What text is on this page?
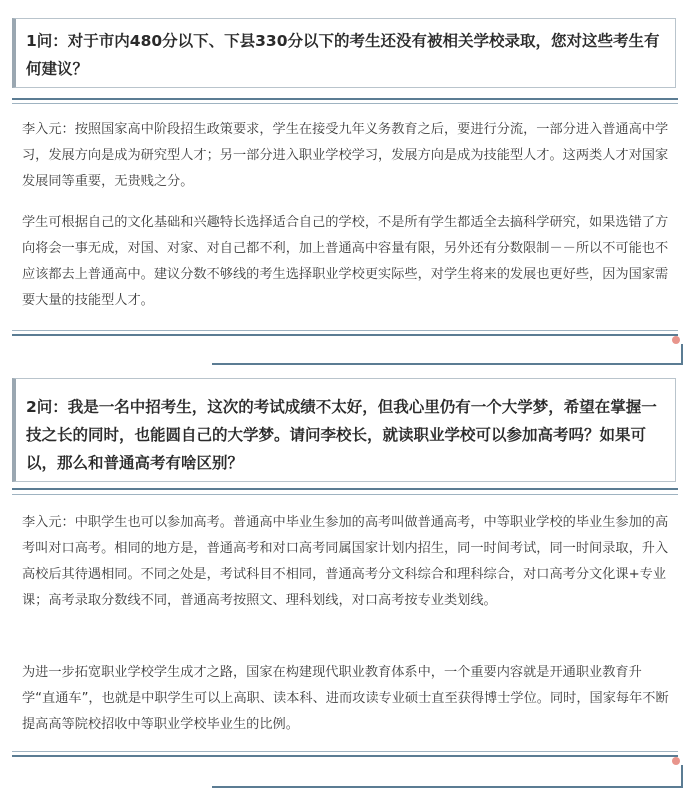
1问：对于市内480分以下、下县330分以下的考生还没有被相关学校录取，您对这些考生有何建议？

李入元：按照国家高中阶段招生政策要求，学生在接受九年义务教育之后，要进行分流，一部分进入普通高中学习，发展方向是成为研究型人才；另一部分进入职业学校学习，发展方向是成为技能型人才。这两类人才对国家发展同等重要，无贵贱之分。

学生可根据自己的文化基础和兴趣特长选择适合自己的学校，不是所有学生都适全去搞科学研究，如果选错了方向将会一事无成，对国、对家、对自己都不利，加上普通高中容量有限，另外还有分数限制－－所以不可能也不应该都去上普通高中。建议分数不够线的考生选择职业学校更实际些，对学生将来的发展也更好些，因为国家需要大量的技能型人才。

2问：我是一名中招考生，这次的考试成绩不太好，但我心里仍有一个大学梦，希望在掌握一技之长的同时，也能圆自己的大学梦。请问李校长，就读职业学校可以参加高考吗？如果可以，那么和普通高考有啥区别？

李入元：中职学生也可以参加高考。普通高中毕业生参加的高考叫做普通高考，中等职业学校的毕业生参加的高考叫对口高考。相同的地方是，普通高考和对口高考同属国家计划内招生，同一时间考试，同一时间录取，升入高校后其待遇相同。不同之处是，考试科目不相同，普通高考分文科综合和理科综合，对口高考分文化课+专业课；高考录取分数线不同，普通高考按照文、理科划线，对口高考按专业类划线。

为进一步拓宽职业学校学生成才之路，国家在构建现代职业教育体系中，一个重要内容就是开通职业教育升学“直通车”，也就是中职学生可以上高职、读本科、进而攻读专业硕士直至获得博士学位。同时，国家每年不断提高高等院校招收中等职业学校毕业生的比例。
